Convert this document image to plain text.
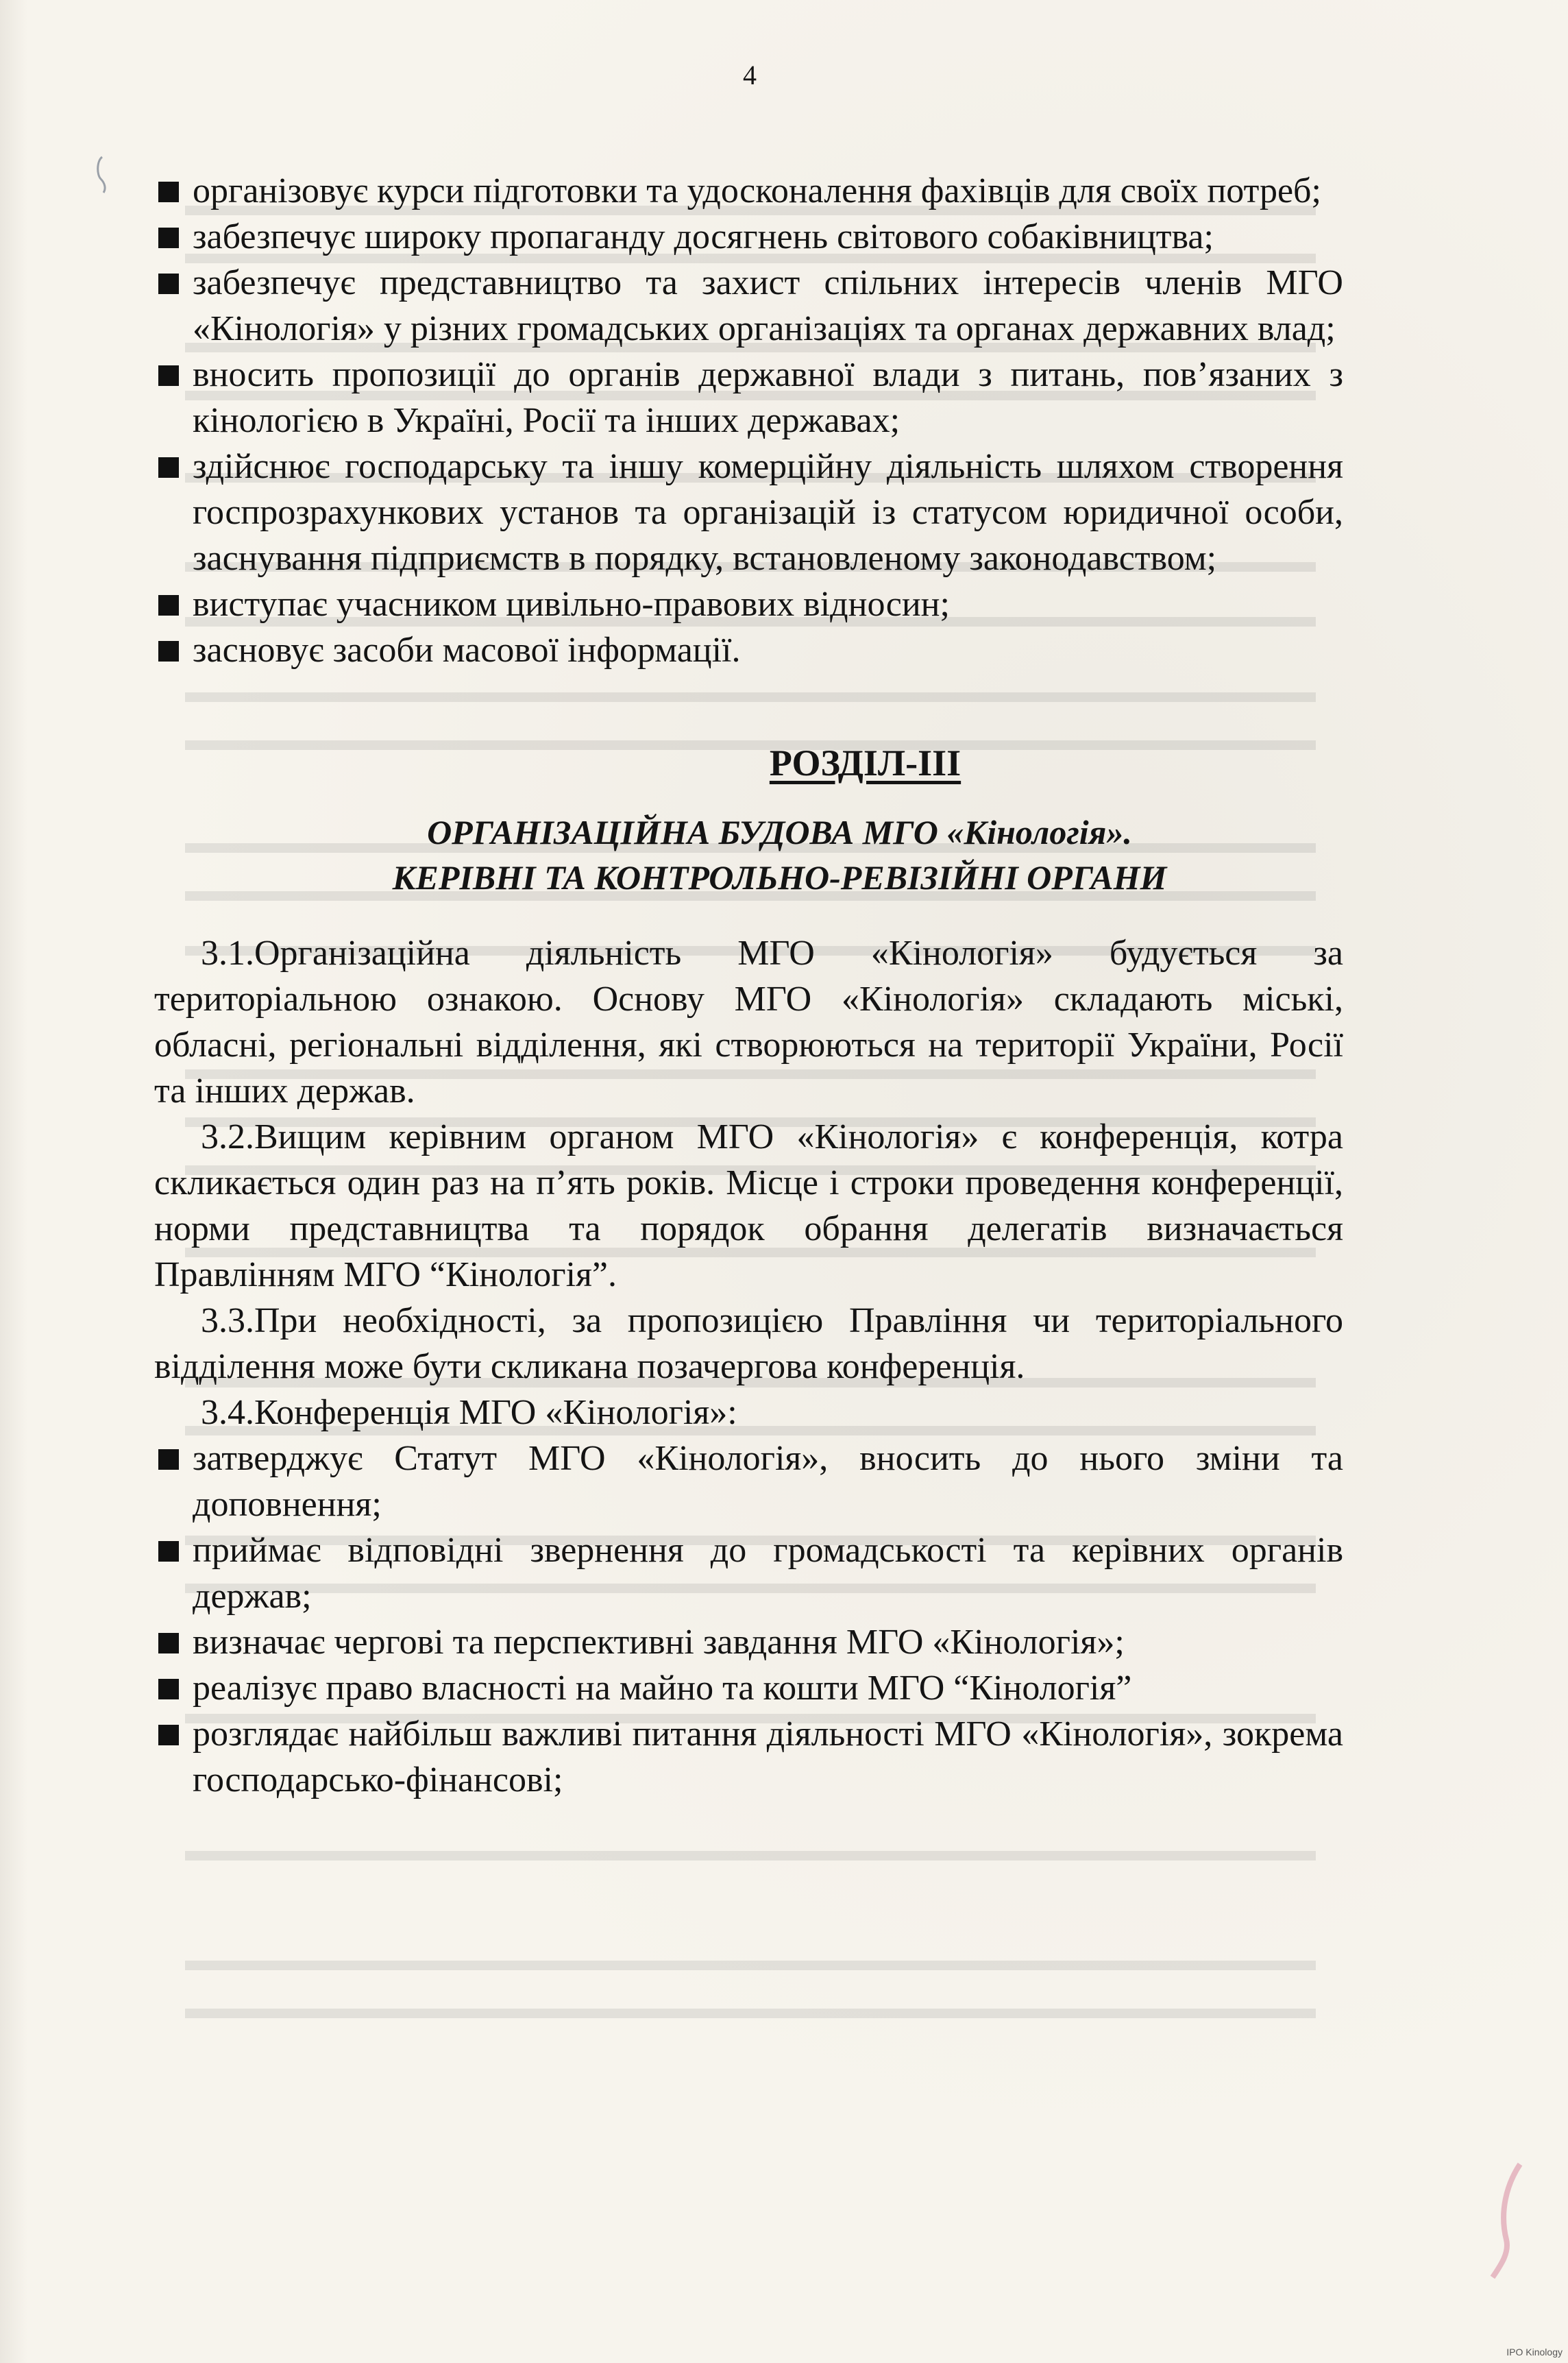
4
організовує курси підготовки та удосконалення фахівців для своїх потреб;
забезпечує широку пропаганду досягнень світового собаківництва;
забезпечує представництво та захист спільних інтересів членів МГО «Кінологія» у різних громадських організаціях та органах державних влад;
вносить пропозиції до органів державної влади з питань, пов’язаних з кінологією в Україні, Росії та інших державах;
здійснює господарську та іншу комерційну діяльність шляхом створення госпрозрахункових установ та організацій із статусом юридичної особи, заснування підприємств в порядку, встановленому законодавством;
виступає учасником цивільно-правових відносин;
засновує засоби масової інформації.

РОЗДІЛ-ІІІ

ОРГАНІЗАЦІЙНА БУДОВА МГО «Кінологія».
КЕРІВНІ ТА КОНТРОЛЬНО-РЕВІЗІЙНІ ОРГАНИ

3.1.Організаційна діяльність МГО «Кінологія» будується за територіальною ознакою. Основу МГО «Кінологія» складають міські, обласні, регіональні відділення, які створюються на території України, Росії та інших держав.

3.2.Вищим керівним органом МГО «Кінологія» є конференція, котра скликається один раз на п’ять років. Місце і строки проведення конференції, норми представництва та порядок обрання делегатів визначається Правлінням МГО “Кінологія”.

3.3.При необхідності, за пропозицією Правління чи територіального відділення може бути скликана позачергова конференція.

3.4.Конференція МГО «Кінологія»:

затверджує Статут МГО «Кінологія», вносить до нього зміни та доповнення;
приймає відповідні звернення до громадськості та керівних органів держав;
визначає чергові та перспективні завдання МГО «Кінологія»;
реалізує право власності на майно та кошти МГО “Кінологія”
розглядає найбільш важливі питання діяльності МГО «Кінологія», зокрема господарсько-фінансові;
IPO Kinology
